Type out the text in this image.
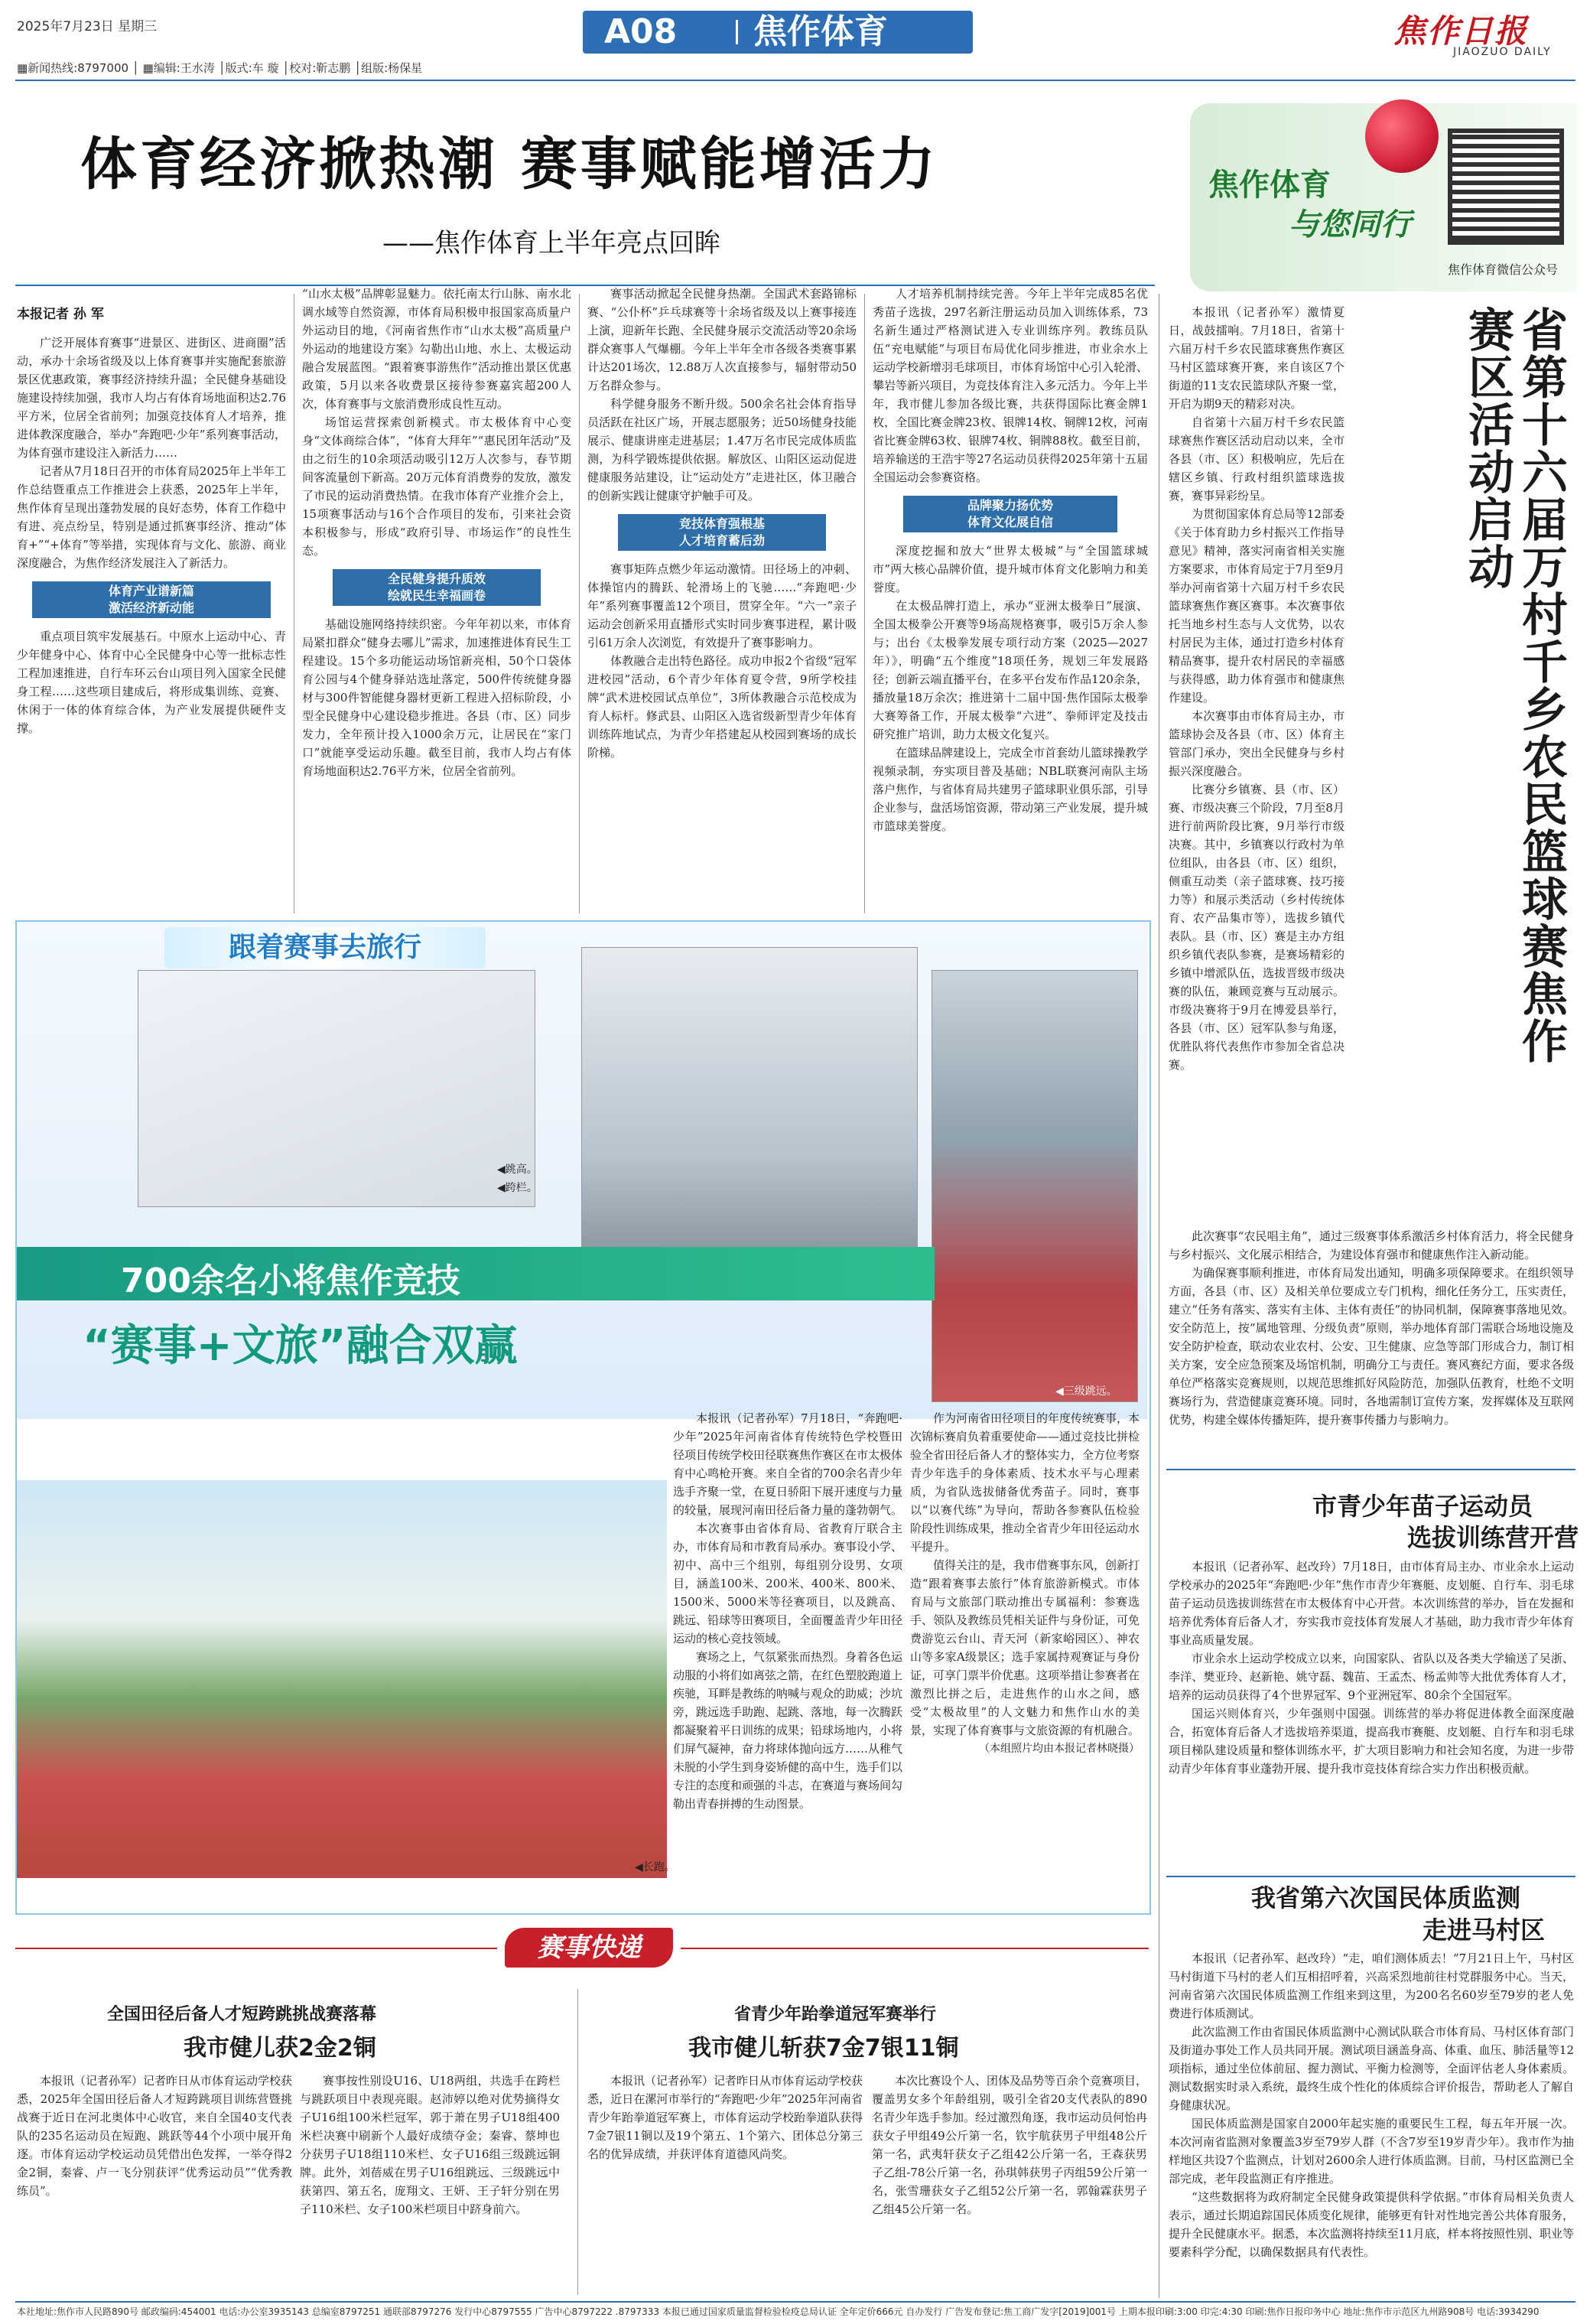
2025年7月23日 星期三	A08 焦作体育	焦作日报
JIAOZUO DAILY
▦新闻热线:8797000 │ ▦编辑:王水涛 │版式:车 璇 │校对:靳志鹏 │组版:杨保星
体育经济掀热潮 赛事赋能增活力
——焦作体育上半年亮点回眸
焦作体育
与您同行
焦作体育微信公众号
本报记者 孙 军

广泛开展体育赛事“进景区、进街区、进商圈”活动，承办十余场省级及以上体育赛事并实施配套旅游景区优惠政策，赛事经济持续升温；全民健身基础设施建设持续加强，我市人均占有体育场地面积达2.76平方米，位居全省前列；加强竞技体育人才培养，推进体教深度融合，举办“奔跑吧·少年”系列赛事活动，为体育强市建设注入新活力……

记者从7月18日召开的市体育局2025年上半年工作总结暨重点工作推进会上获悉，2025年上半年，焦作体育呈现出蓬勃发展的良好态势，体育工作稳中有进、亮点纷呈，特别是通过抓赛事经济、推动“体育+”“+体育”等举措，实现体育与文化、旅游、商业深度融合，为焦作经济发展注入了新活力。

体育产业谱新篇
激活经济新动能

重点项目筑牢发展基石。中原水上运动中心、青少年健身中心、体育中心全民健身中心等一批标志性工程加速推进，自行车环云台山项目列入国家全民健身工程……这些项目建成后，将形成集训练、竞赛、休闲于一体的体育综合体，为产业发展提供硬件支撑。

“山水太极”品牌彰显魅力。依托南太行山脉、南水北调水域等自然资源，市体育局积极申报国家高质量户外运动目的地，《河南省焦作市“山水太极”高质量户外运动的地建设方案》勾勒出山地、水上、太极运动融合发展蓝图。“跟着赛事游焦作”活动推出景区优惠政策，5月以来各收费景区接待参赛嘉宾超200人次，体育赛事与文旅消费形成良性互动。

场馆运营探索创新模式。市太极体育中心变身“文体商综合体”，“体育大拜年”“惠民团年活动”及由之衍生的10余项活动吸引12万人次参与，春节期间客流量创下新高。20万元体育消费券的发放，激发了市民的运动消费热情。在我市体育产业推介会上，15项赛事活动与16个合作项目的发布，引来社会资本积极参与，形成“政府引导、市场运作”的良性生态。

全民健身提升质效
绘就民生幸福画卷

基础设施网络持续织密。今年年初以来，市体育局紧扣群众“健身去哪儿”需求，加速推进体育民生工程建设。15个多功能运动场馆新亮相，50个口袋体育公园与4个健身驿站选址落定，500件传统健身器材与300件智能健身器材更新工程进入招标阶段，小型全民健身中心建设稳步推进。各县（市、区）同步发力，全年预计投入1000余万元，让居民在“家门口”就能享受运动乐趣。截至目前，我市人均占有体育场地面积达2.76平方米，位居全省前列。

赛事活动掀起全民健身热潮。全国武术套路锦标赛、“公仆杯”乒乓球赛等十余场省级及以上赛事接连上演，迎新年长跑、全民健身展示交流活动等20余场群众赛事人气爆棚。今年上半年全市各级各类赛事累计达201场次，12.88万人次直接参与，辐射带动50万名群众参与。

科学健身服务不断升级。500余名社会体育指导员活跃在社区广场，开展志愿服务；近50场健身技能展示、健康讲座走进基层；1.47万名市民完成体质监测，为科学锻炼提供依据。解放区、山阳区运动促进健康服务站建设，让“运动处方”走进社区，体卫融合的创新实践让健康守护触手可及。

竞技体育强根基
人才培育蓄后劲

赛事矩阵点燃少年运动激情。田径场上的冲刺、体操馆内的腾跃、轮滑场上的飞驰……“奔跑吧·少年”系列赛事覆盖12个项目，贯穿全年。“六一”亲子运动会创新采用直播形式实时同步赛事进程，累计吸引61万余人次浏览，有效提升了赛事影响力。

体教融合走出特色路径。成功申报2个省级“冠军进校园”活动，6个青少年体育夏令营，9所学校挂牌“武术进校园试点单位”，3所体教融合示范校成为育人标杆。修武县、山阳区入选省级新型青少年体育训练阵地试点，为青少年搭建起从校园到赛场的成长阶梯。

人才培养机制持续完善。今年上半年完成85名优秀苗子选拔，297名新注册运动员加入训练体系，73名新生通过严格测试进入专业训练序列。教练员队伍“充电赋能”与项目布局优化同步推进，市业余水上运动学校新增羽毛球项目，市体育场馆中心引入轮滑、攀岩等新兴项目，为竞技体育注入多元活力。今年上半年，我市健儿参加各级比赛，共获得国际比赛金牌1枚，全国比赛金牌23枚、银牌14枚、铜牌12枚，河南省比赛金牌63枚、银牌74枚、铜牌88枚。截至目前，培养输送的王浩宇等27名运动员获得2025年第十五届全国运动会参赛资格。

品牌聚力扬优势
体育文化展自信

深度挖掘和放大“世界太极城”与“全国篮球城市”两大核心品牌价值，提升城市体育文化影响力和美誉度。

在太极品牌打造上，承办“亚洲太极拳日”展演、全国太极拳公开赛等9场高规格赛事，吸引5万余人参与；出台《太极拳发展专项行动方案（2025—2027年）》，明确“五个维度”18项任务，规划三年发展路径；创新云端直播平台，在多平台发布作品120余条，播放量18万余次；推进第十二届中国·焦作国际太极拳大赛筹备工作，开展太极拳“六进”、拳师评定及技击研究推广培训，助力太极文化复兴。

在篮球品牌建设上，完成全市首套幼儿篮球操教学视频录制，夯实项目普及基础；NBL联赛河南队主场落户焦作，与省体育局共建男子篮球职业俱乐部，引导企业参与，盘活场馆资源，带动第三产业发展，提升城市篮球美誉度。

跟着赛事去旅行
◀跳高。
◀跨栏。
◀三级跳远。
700余名小将焦作竞技
“赛事+文旅”融合双赢
◀长跑。

本报讯（记者孙军）7月18日，“奔跑吧·少年”2025年河南省体育传统特色学校暨田径项目传统学校田径联赛焦作赛区在市太极体育中心鸣枪开赛。来自全省的700余名青少年选手齐聚一堂，在夏日骄阳下展开速度与力量的较量，展现河南田径后备力量的蓬勃朝气。

本次赛事由省体育局、省教育厅联合主办，市体育局和市教育局承办。赛事设小学、初中、高中三个组别，每组别分设男、女项目，涵盖100米、200米、400米、800米、1500米、5000米等径赛项目，以及跳高、跳远、铅球等田赛项目，全面覆盖青少年田径运动的核心竞技领域。

赛场之上，气氛紧张而热烈。身着各色运动服的小将们如离弦之箭，在红色塑胶跑道上疾驰，耳畔是教练的呐喊与观众的助威；沙坑旁，跳远选手助跑、起跳、落地，每一次腾跃都凝聚着平日训练的成果；铅球场地内，小将们屏气凝神，奋力将球体抛向远方……从稚气未脱的小学生到身姿矫健的高中生，选手们以专注的态度和顽强的斗志，在赛道与赛场间勾勒出青春拼搏的生动图景。

作为河南省田径项目的年度传统赛事，本次锦标赛肩负着重要使命——通过竞技比拼检验全省田径后备人才的整体实力，全方位考察青少年选手的身体素质、技术水平与心理素质，为省队选拔储备优秀苗子。同时，赛事以“以赛代练”为导向，帮助各参赛队伍检验阶段性训练成果，推动全省青少年田径运动水平提升。

值得关注的是，我市借赛事东风，创新打造“跟着赛事去旅行”体育旅游新模式。市体育局与文旅部门联动推出专属福利：参赛选手、领队及教练员凭相关证件与身份证，可免费游览云台山、青天河（新家峪园区）、神农山等多家A级景区；选手家属持观赛证与身份证，可享门票半价优惠。这项举措让参赛者在激烈比拼之后，走进焦作的山水之间，感受“太极故里”的人文魅力和焦作山水的美景，实现了体育赛事与文旅资源的有机融合。

（本组照片均由本报记者林晓摄）

赛事快递
全国田径后备人才短跨跳挑战赛落幕
我市健儿获2金2铜

本报讯（记者孙军）记者昨日从市体育运动学校获悉，2025年全国田径后备人才短跨跳项目训练营暨挑战赛于近日在河北奥体中心收官，来自全国40支代表队的235名运动员在短跑、跳跃等44个小项中展开角逐。市体育运动学校运动员凭借出色发挥，一举夺得2金2铜，秦睿、卢一飞分别获评“优秀运动员”“优秀教练员”。

赛事按性别设U16、U18两组，共选手在跨栏与跳跃项目中表现亮眼。赵沛婷以绝对优势摘得女子U16组100米栏冠军，郭于萧在男子U18组400米栏决赛中刷新个人最好成绩夺金；秦睿、蔡坤也分获男子U18组110米栏、女子U16组三级跳远铜牌。此外，刘蓓威在男子U16组跳远、三级跳远中获第四、第五名，庞翔文、王妍、王子轩分别在男子110米栏、女子100米栏项目中跻身前六。

省青少年跆拳道冠军赛举行
我市健儿斩获7金7银11铜

本报讯（记者孙军）记者昨日从市体育运动学校获悉，近日在漯河市举行的“奔跑吧·少年”2025年河南省青少年跆拳道冠军赛上，市体育运动学校跆拳道队获得7金7银11铜以及19个第五、1个第六、团体总分第三名的优异成绩，并获评体育道德风尚奖。

本次比赛设个人、团体及品势等百余个竞赛项目，覆盖男女多个年龄组别，吸引全省20支代表队的890名青少年选手参加。经过激烈角逐，我市运动员何怡冉获女子甲组49公斤第一名，钦宇航获男子甲组48公斤第一名，武夷轩获女子乙组42公斤第一名，王森获男子乙组-78公斤第一名，孙琪韩获男子丙组59公斤第一名，张雪珊获女子乙组52公斤第一名，郭翰霖获男子乙组45公斤第一名。

省第十六届万村千乡农民篮球赛焦作赛区活动启动

本报讯（记者孙军）激情夏日，战鼓擂响。7月18日，省第十六届万村千乡农民篮球赛焦作赛区马村区篮球赛开赛，来自该区7个街道的11支农民篮球队齐聚一堂，开启为期9天的精彩对决。

自省第十六届万村千乡农民篮球赛焦作赛区活动启动以来，全市各县（市、区）积极响应，先后在辖区乡镇、行政村组织篮球选拔赛，赛事异彩纷呈。

为贯彻国家体育总局等12部委《关于体育助力乡村振兴工作指导意见》精神，落实河南省相关实施方案要求，市体育局定于7月至9月举办河南省第十六届万村千乡农民篮球赛焦作赛区赛事。本次赛事依托当地乡村生态与人文优势，以农村居民为主体，通过打造乡村体育精品赛事，提升农村居民的幸福感与获得感，助力体育强市和健康焦作建设。

本次赛事由市体育局主办，市篮球协会及各县（市、区）体育主管部门承办，突出全民健身与乡村振兴深度融合。

比赛分乡镇赛、县（市、区）赛、市级决赛三个阶段，7月至8月进行前两阶段比赛，9月举行市级决赛。其中，乡镇赛以行政村为单位组队，由各县（市、区）组织，侧重互动类（亲子篮球赛、技巧接力等）和展示类活动（乡村传统体育、农产品集市等），选拔乡镇代表队。县（市、区）赛是主办方组织乡镇代表队参赛，是赛场精彩的乡镇中增派队伍，选拔晋级市级决赛的队伍，兼顾竞赛与互动展示。市级决赛将于9月在博爱县举行，各县（市、区）冠军队参与角逐，优胜队将代表焦作市参加全省总决赛。

此次赛事“农民唱主角”，通过三级赛事体系激活乡村体育活力，将全民健身与乡村振兴、文化展示相结合，为建设体育强市和健康焦作注入新动能。

为确保赛事顺利推进，市体育局发出通知，明确多项保障要求。在组织领导方面，各县（市、区）及相关单位要成立专门机构，细化任务分工，压实责任，建立“任务有落实、落实有主体、主体有责任”的协同机制，保障赛事落地见效。安全防范上，按“属地管理、分级负责”原则，举办地体育部门需联合场地设施及安全防护检查，联动农业农村、公安、卫生健康、应急等部门形成合力，制订相关方案，安全应急预案及场馆机制，明确分工与责任。赛风赛纪方面，要求各级单位严格落实竞赛规则，以规范思维抓好风险防范，加强队伍教育，杜绝不文明赛场行为，营造健康竞赛环境。同时，各地需制订宣传方案，发挥媒体及互联网优势，构建全媒体传播矩阵，提升赛事传播力与影响力。

市青少年苗子运动员
选拔训练营开营

本报讯（记者孙军、赵改玲）7月18日，由市体育局主办、市业余水上运动学校承办的2025年“奔跑吧·少年”焦作市青少年赛艇、皮划艇、自行车、羽毛球苗子运动员选拔训练营在市太极体育中心开营。本次训练营的举办，旨在发掘和培养优秀体育后备人才，夯实我市竞技体育发展人才基础，助力我市青少年体育事业高质量发展。

市业余水上运动学校成立以来，向国家队、省队以及各类大学输送了吴浙、李洋、樊亚玲、赵新艳、姚守磊、魏苗、王孟杰、杨孟帅等大批优秀体育人才，培养的运动员获得了4个世界冠军、9个亚洲冠军、80余个全国冠军。

国运兴则体育兴，少年强则中国强。训练营的举办将促进体教全面深度融合，拓宽体育后备人才选拔培养渠道，提高我市赛艇、皮划艇、自行车和羽毛球项目梯队建设质量和整体训练水平，扩大项目影响力和社会知名度，为进一步带动青少年体育事业蓬勃开展、提升我市竞技体育综合实力作出积极贡献。

我省第六次国民体质监测
走进马村区

本报讯（记者孙军、赵改玲）“走，咱们测体质去！”7月21日上午，马村区马村街道下马村的老人们互相招呼着，兴高采烈地前往村党群服务中心。当天，河南省第六次国民体质监测工作组来到这里，为200名名60岁至79岁的老人免费进行体质测试。

此次监测工作由省国民体质监测中心测试队联合市体育局、马村区体育部门及街道办事处工作人员共同开展。测试项目涵盖身高、体重、血压、肺活量等12项指标，通过坐位体前屈、握力测试、平衡力检测等，全面评估老人身体素质。测试数据实时录入系统，最终生成个性化的体质综合评价报告，帮助老人了解自身健康状况。

国民体质监测是国家自2000年起实施的重要民生工程，每五年开展一次。本次河南省监测对象覆盖3岁至79岁人群（不含7岁至19岁青少年）。我市作为抽样地区共设7个监测点，计划对2600余人进行体质监测。目前，马村区监测已全部完成，老年段监测正有序推进。

“这些数据将为政府制定全民健身政策提供科学依据。”市体育局相关负责人表示，通过长期追踪国民体质变化规律，能够更有针对性地完善公共体育服务，提升全民健康水平。据悉，本次监测将持续至11月底，样本将按照性别、职业等要素科学分配，以确保数据具有代表性。

本社地址:焦作市人民路890号 邮政编码:454001 电话:办公室3935143 总编室8797251 通联部8797276 发行中心8797555 广告中心8797222 .8797333 本报已通过国家质量监督检验检疫总局认证 全年定价666元 自办发行 广告发布登记:焦工商广发字[2019]001号 上期本报印刷:3:00 印完:4:30 印刷:焦作日报印务中心 地址:焦作市示范区九州路908号 电话:3934290
